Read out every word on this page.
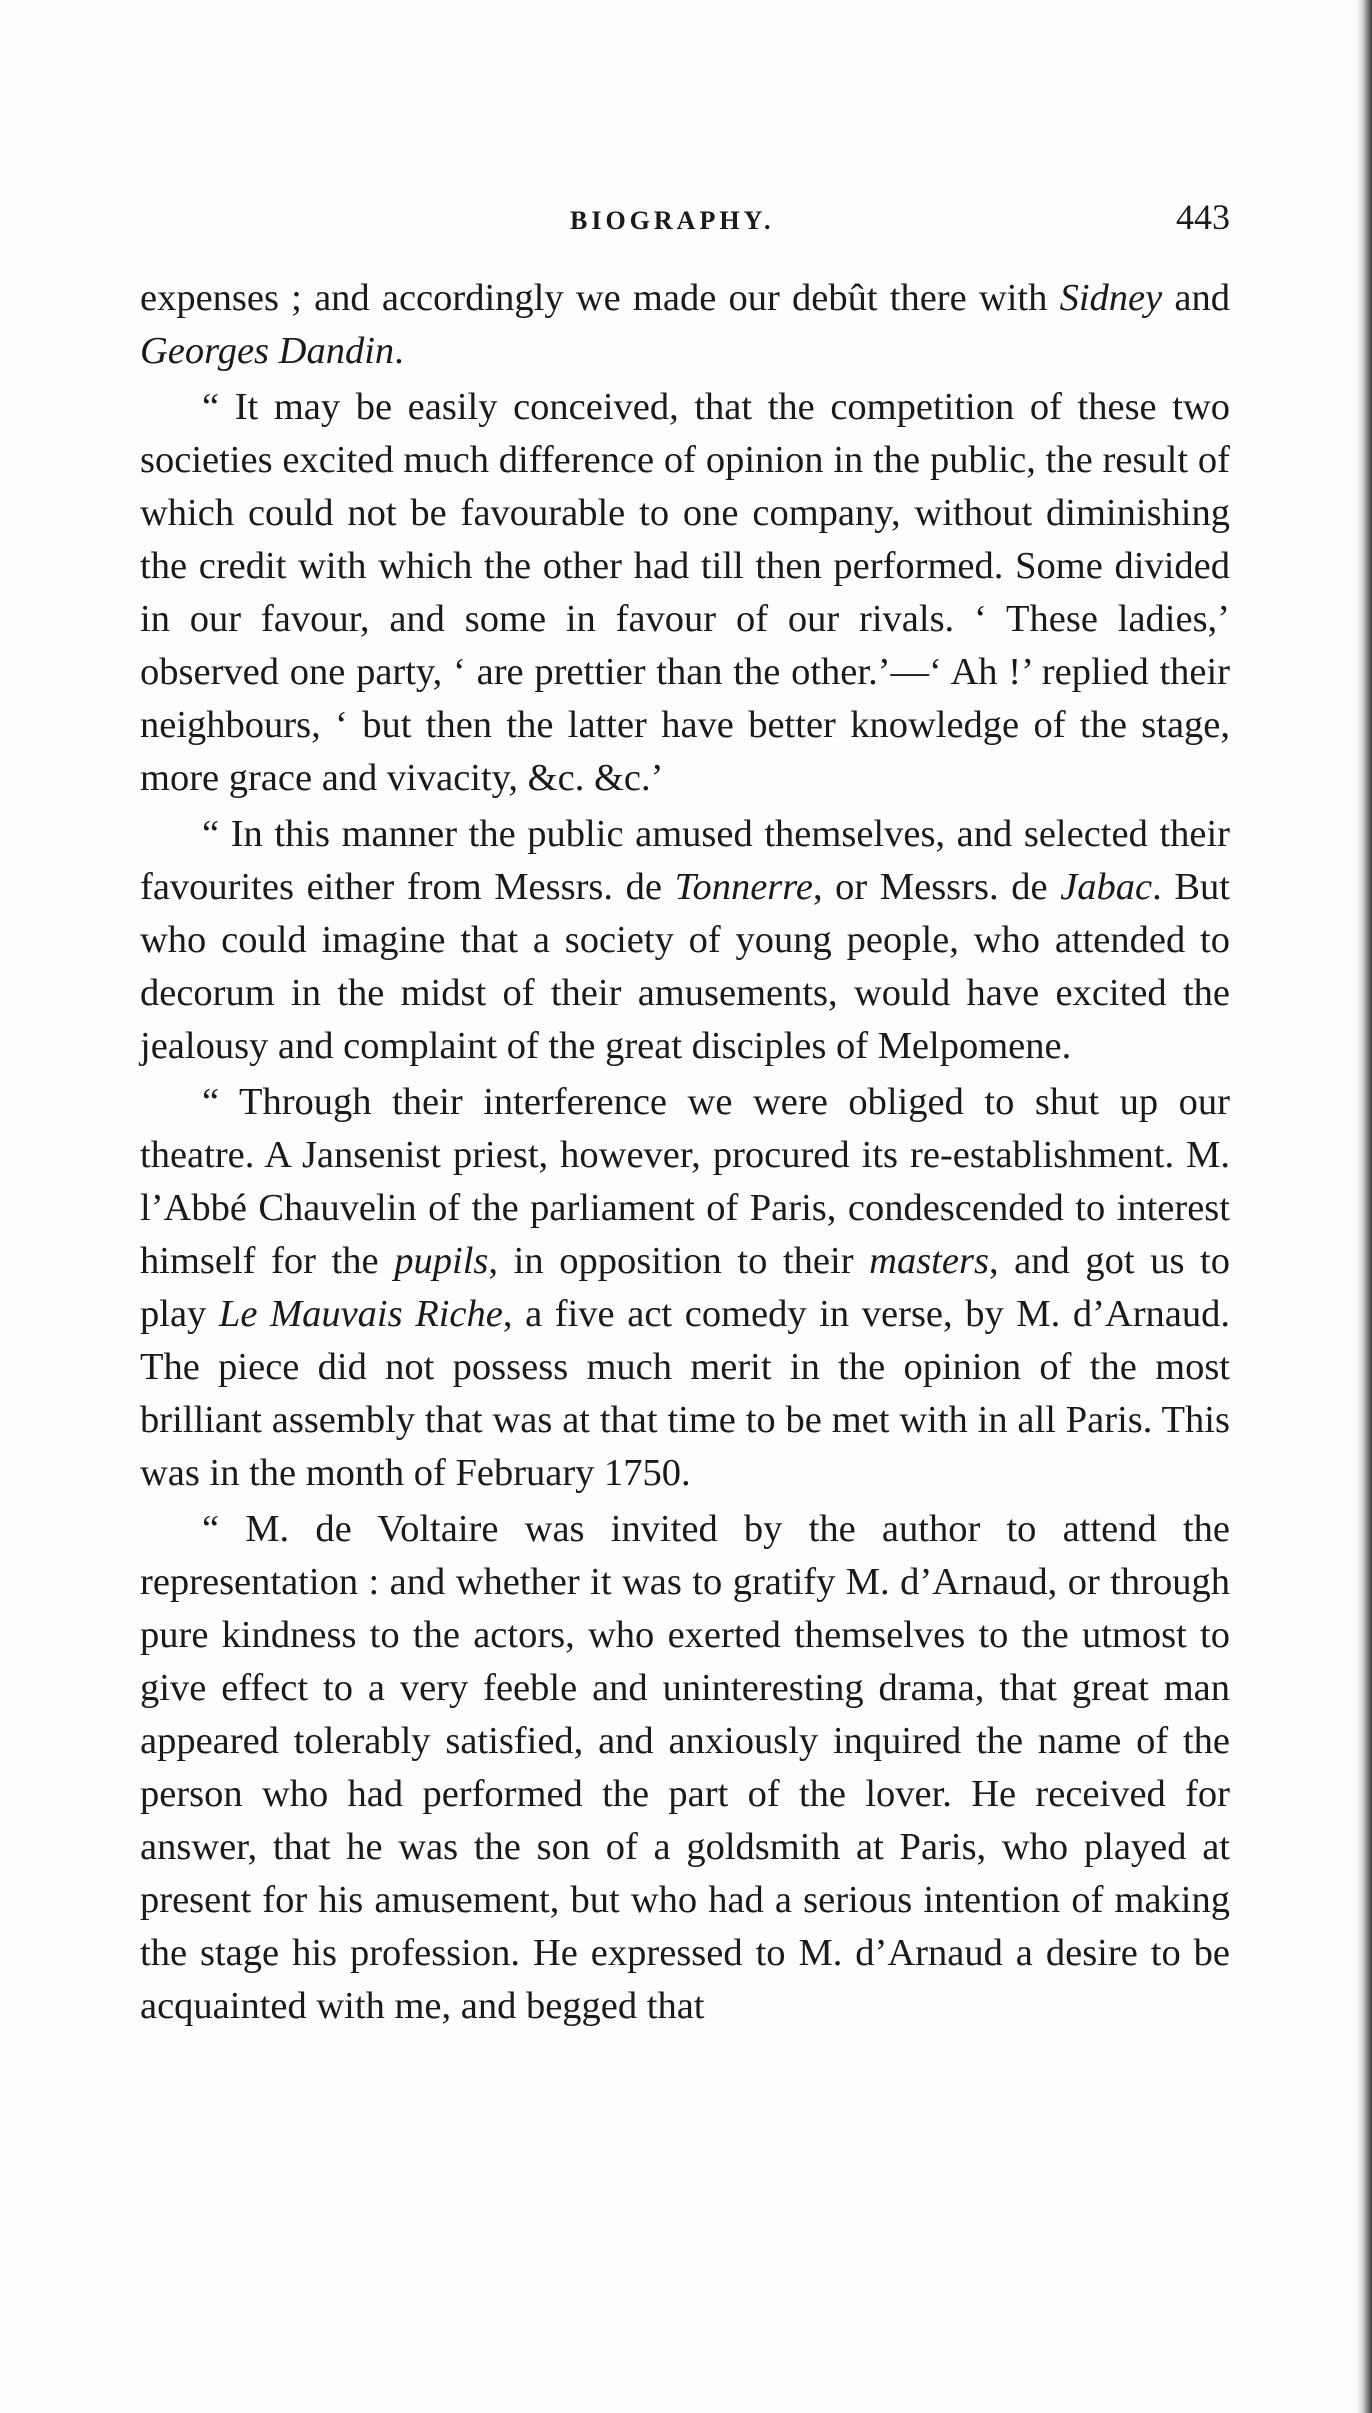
BIOGRAPHY.	443

expenses ; and accordingly we made our debût there with Sidney and Georges Dandin.

“ It may be easily conceived, that the competition of these two societies excited much difference of opinion in the public, the result of which could not be favourable to one company, without diminishing the credit with which the other had till then performed. Some divided in our favour, and some in favour of our rivals. ‘ These ladies,’ observed one party, ‘ are prettier than the other.’—‘ Ah !’ replied their neighbours, ‘ but then the latter have better knowledge of the stage, more grace and vivacity, &c. &c.’

“ In this manner the public amused themselves, and selected their favourites either from Messrs. de Tonnerre, or Messrs. de Jabac. But who could imagine that a society of young people, who attended to decorum in the midst of their amusements, would have excited the jealousy and complaint of the great disciples of Melpomene.

“ Through their interference we were obliged to shut up our theatre. A Jansenist priest, however, procured its re-establishment. M. l’Abbé Chauvelin of the parliament of Paris, condescended to interest himself for the pupils, in opposition to their masters, and got us to play Le Mauvais Riche, a five act comedy in verse, by M. d’Arnaud. The piece did not possess much merit in the opinion of the most brilliant assembly that was at that time to be met with in all Paris. This was in the month of February 1750.

“ M. de Voltaire was invited by the author to attend the representation : and whether it was to gratify M. d’Arnaud, or through pure kindness to the actors, who exerted themselves to the utmost to give effect to a very feeble and uninteresting drama, that great man appeared tolerably satisfied, and anxiously inquired the name of the person who had performed the part of the lover. He received for answer, that he was the son of a goldsmith at Paris, who played at present for his amusement, but who had a serious intention of making the stage his profession. He expressed to M. d’Arnaud a desire to be acquainted with me, and begged that
